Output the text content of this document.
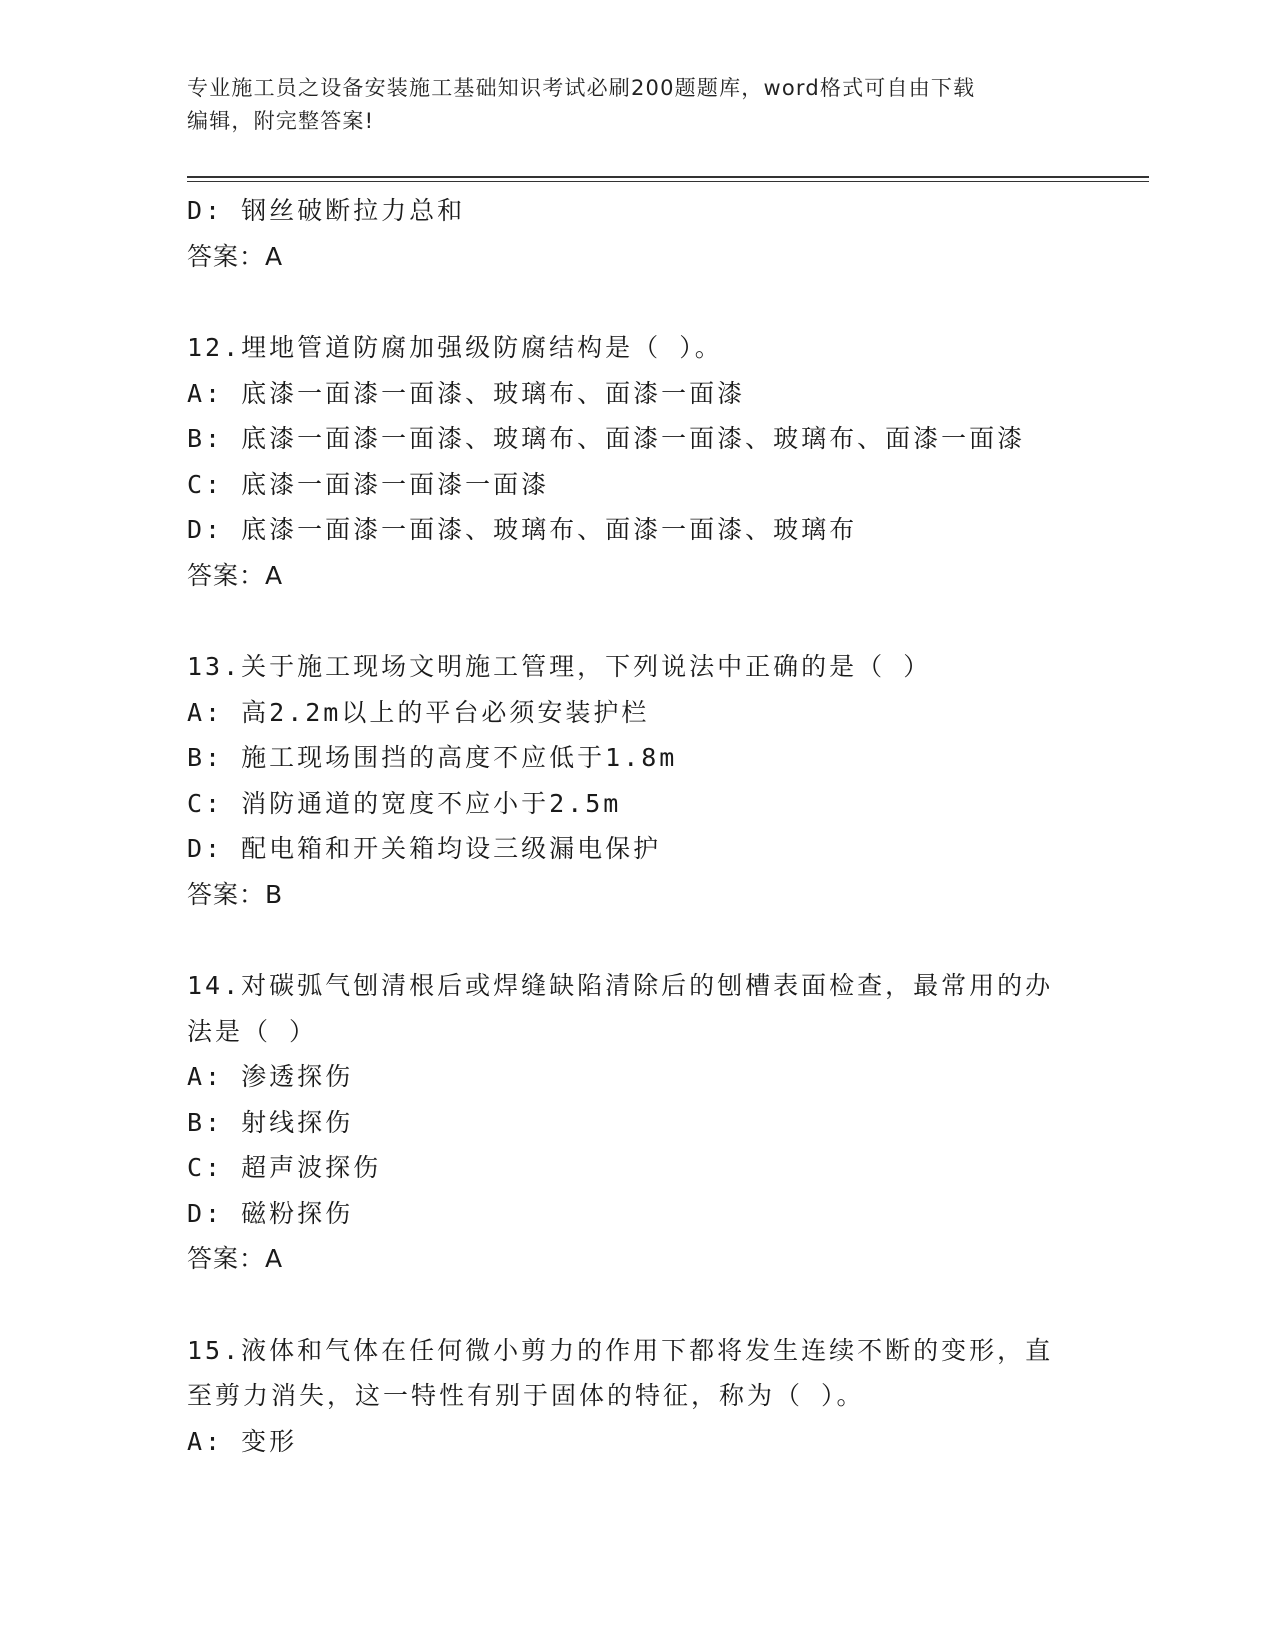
专业施工员之设备安装施工基础知识考试必刷200题题库，word格式可自由下载
编辑，附完整答案!
D: 钢丝破断拉力总和
答案：A
12.埋地管道防腐加强级防腐结构是（ ）。
A: 底漆一面漆一面漆、玻璃布、面漆一面漆
B: 底漆一面漆一面漆、玻璃布、面漆一面漆、玻璃布、面漆一面漆
C: 底漆一面漆一面漆一面漆
D: 底漆一面漆一面漆、玻璃布、面漆一面漆、玻璃布
答案：A
13.关于施工现场文明施工管理，下列说法中正确的是（ ）
A: 高2.2m以上的平台必须安装护栏
B: 施工现场围挡的高度不应低于1.8m
C: 消防通道的宽度不应小于2.5m
D: 配电箱和开关箱均设三级漏电保护
答案：B
14.对碳弧气刨清根后或焊缝缺陷清除后的刨槽表面检查，最常用的办
法是（ ）
A: 渗透探伤
B: 射线探伤
C: 超声波探伤
D: 磁粉探伤
答案：A
15.液体和气体在任何微小剪力的作用下都将发生连续不断的变形，直
至剪力消失，这一特性有别于固体的特征，称为（ ）。
A: 变形
